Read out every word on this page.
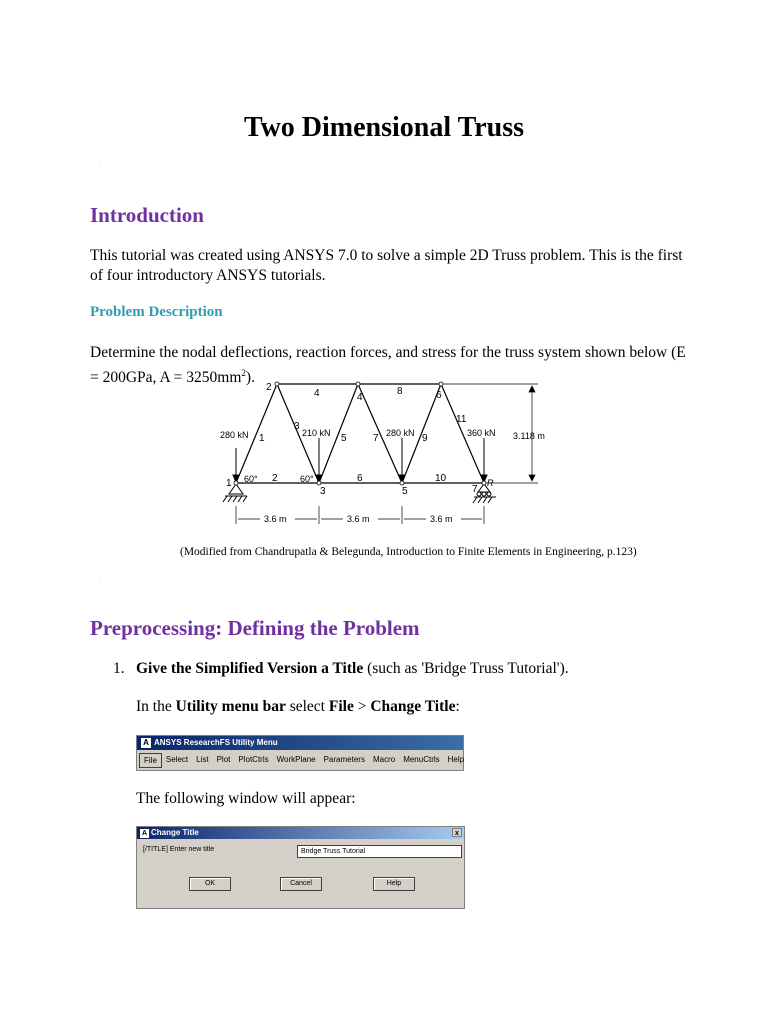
Two Dimensional Truss
.
Introduction
This tutorial was created using ANSYS 7.0 to solve a simple 2D Truss problem. This is the first of four introductory ANSYS tutorials.
Problem Description
Determine the nodal deflections, reaction forces, and stress for the truss system shown below (E = 200GPa, $A = 3250mm^2$).
1
2
3
4
5
6
7
1
2
3
4
5
6
7
8
9
10
11
280 kN	210 kN	280 kN	360 kN
60°	60°
3.118 m
R
3.6 m	3.6 m	3.6 m
(Modified from Chandrupatla & Belegunda, Introduction to Finite Elements in Engineering, p.123)
.
Preprocessing: Defining the Problem
1. Give the Simplified Version a Title (such as 'Bridge Truss Tutorial').
In the Utility menu bar select File > Change Title:
A ANSYS ResearchFS Utility Menu
File	Select	List	Plot	PlotCtrls	WorkPlane	Parameters	Macro	MenuCtrls	Help
The following window will appear:
A Change Title	x
[/TITLE] Enter new title	Bridge Truss Tutorial
OK	Cancel	Help
